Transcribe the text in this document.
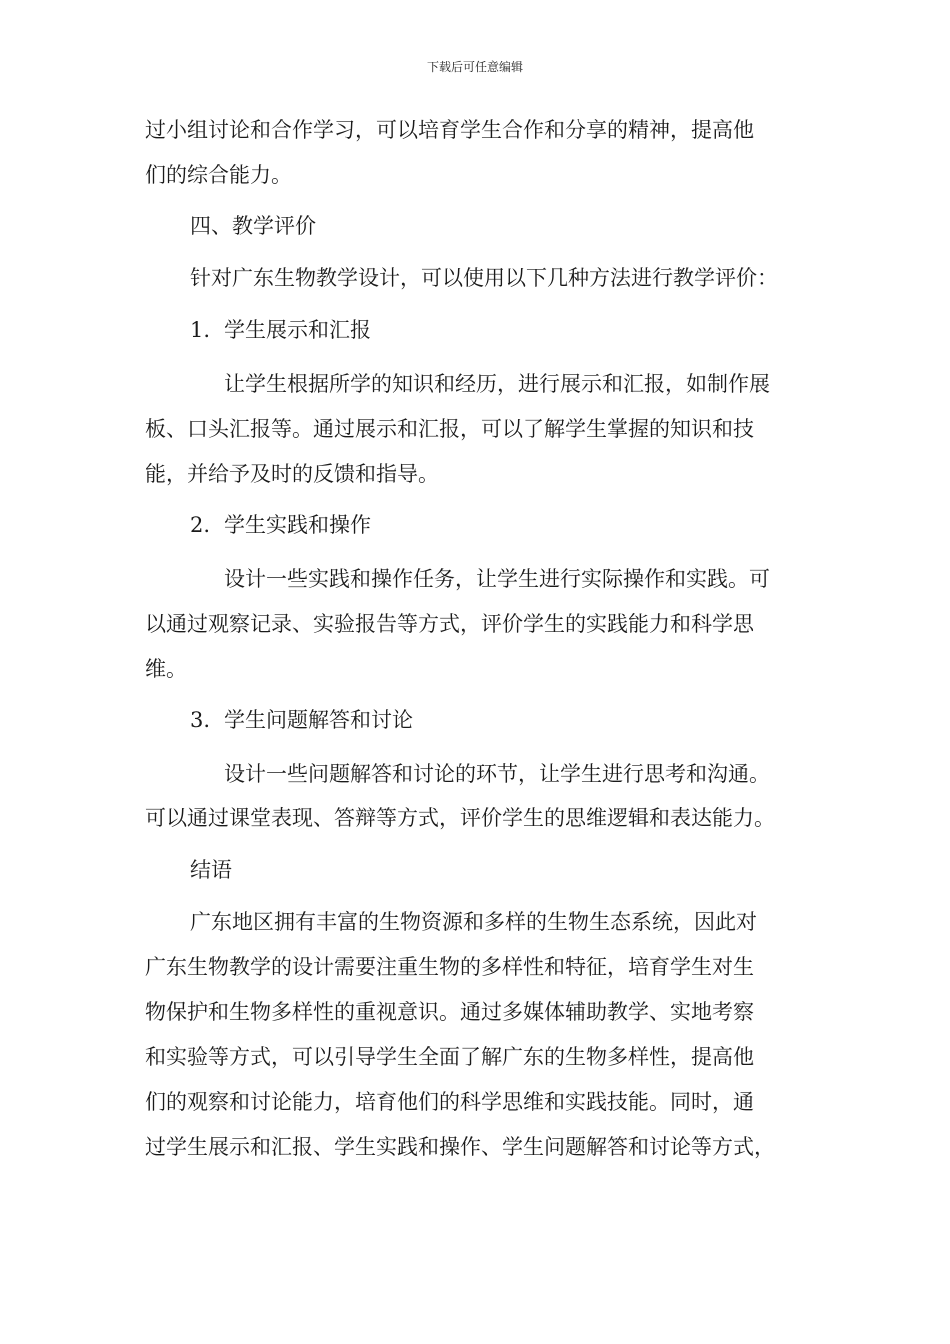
下载后可任意编辑
过小组讨论和合作学习，可以培育学生合作和分享的精神，提高他
们的综合能力。
四、教学评价
针对广东生物教学设计，可以使用以下几种方法进行教学评价：
1. 学生展示和汇报
让学生根据所学的知识和经历，进行展示和汇报，如制作展
板、口头汇报等。通过展示和汇报，可以了解学生掌握的知识和技
能，并给予及时的反馈和指导。
2. 学生实践和操作
设计一些实践和操作任务，让学生进行实际操作和实践。可
以通过观察记录、实验报告等方式，评价学生的实践能力和科学思
维。
3. 学生问题解答和讨论
设计一些问题解答和讨论的环节，让学生进行思考和沟通。
可以通过课堂表现、答辩等方式，评价学生的思维逻辑和表达能力。
结语
广东地区拥有丰富的生物资源和多样的生物生态系统，因此对
广东生物教学的设计需要注重生物的多样性和特征，培育学生对生
物保护和生物多样性的重视意识。通过多媒体辅助教学、实地考察
和实验等方式，可以引导学生全面了解广东的生物多样性，提高他
们的观察和讨论能力，培育他们的科学思维和实践技能。同时，通
过学生展示和汇报、学生实践和操作、学生问题解答和讨论等方式，
